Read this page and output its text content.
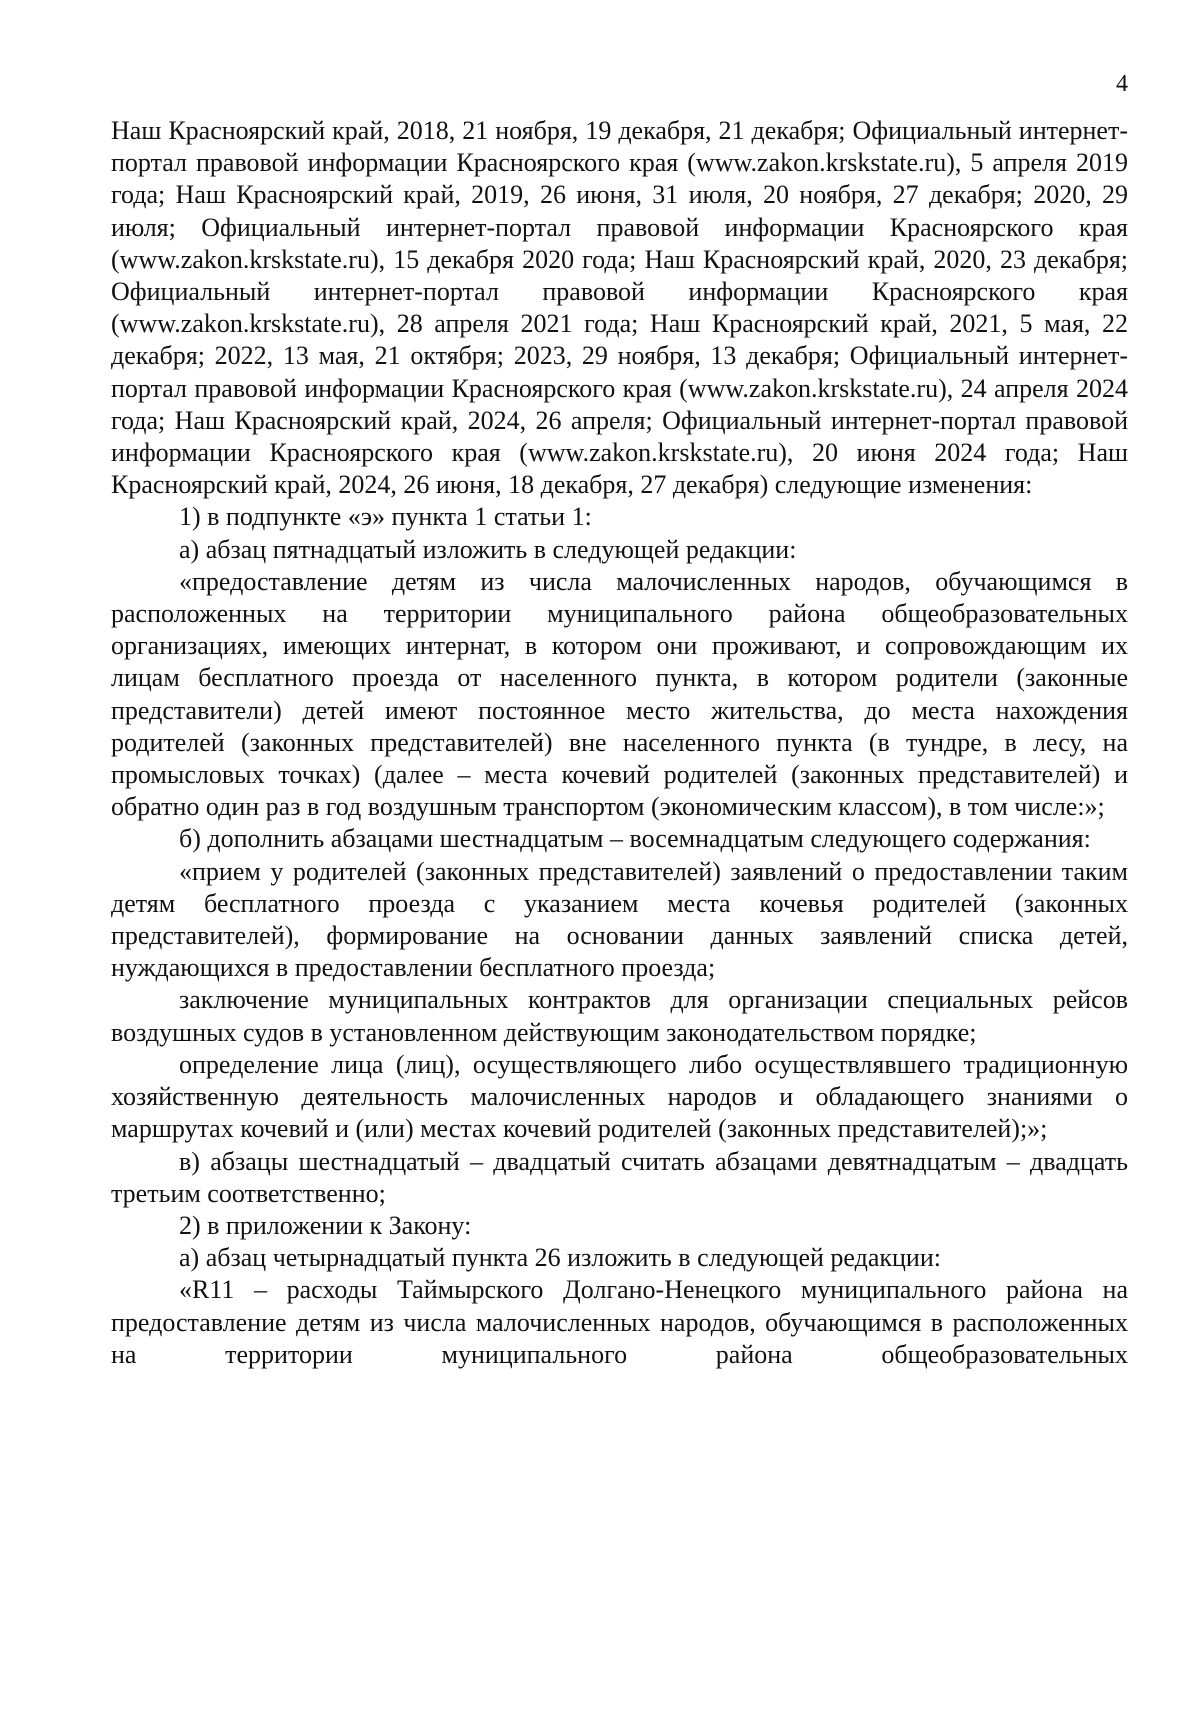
4

Наш Красноярский край, 2018, 21 ноября, 19 декабря, 21 декабря; Официальный интернет-портал правовой информации Красноярского края (www.zakon.krskstate.ru), 5 апреля 2019 года; Наш Красноярский край, 2019, 26 июня, 31 июля, 20 ноября, 27 декабря; 2020, 29 июля; Официальный интернет-портал правовой информации Красноярского края (www.zakon.krskstate.ru), 15 декабря 2020 года; Наш Красноярский край, 2020, 23 декабря; Официальный интернет-портал правовой информации Красноярского края (www.zakon.krskstate.ru), 28 апреля 2021 года; Наш Красноярский край, 2021, 5 мая, 22 декабря; 2022, 13 мая, 21 октября; 2023, 29 ноября, 13 декабря; Официальный интернет-портал правовой информации Красноярского края (www.zakon.krskstate.ru), 24 апреля 2024 года; Наш Красноярский край, 2024, 26 апреля; Официальный интернет-портал правовой информации Красноярского края (www.zakon.krskstate.ru), 20 июня 2024 года; Наш Красноярский край, 2024, 26 июня, 18 декабря, 27 декабря) следующие изменения:

1) в подпункте «э» пункта 1 статьи 1:

а) абзац пятнадцатый изложить в следующей редакции:

«предоставление детям из числа малочисленных народов, обучающимся в расположенных на территории муниципального района общеобразовательных организациях, имеющих интернат, в котором они проживают, и сопровождающим их лицам бесплатного проезда от населенного пункта, в котором родители (законные представители) детей имеют постоянное место жительства, до места нахождения родителей (законных представителей) вне населенного пункта (в тундре, в лесу, на промысловых точках) (далее – места кочевий родителей (законных представителей) и обратно один раз в год воздушным транспортом (экономическим классом), в том числе:»;

б) дополнить абзацами шестнадцатым – восемнадцатым следующего содержания:

«прием у родителей (законных представителей) заявлений о предоставлении таким детям бесплатного проезда с указанием места кочевья родителей (законных представителей), формирование на основании данных заявлений списка детей, нуждающихся в предоставлении бесплатного проезда;

заключение муниципальных контрактов для организации специальных рейсов воздушных судов в установленном действующим законодательством порядке;

определение лица (лиц), осуществляющего либо осуществлявшего традиционную хозяйственную деятельность малочисленных народов и обладающего знаниями о маршрутах кочевий и (или) местах кочевий родителей (законных представителей);»;

в) абзацы шестнадцатый – двадцатый считать абзацами девятнадцатым – двадцать третьим соответственно;

2) в приложении к Закону:

а) абзац четырнадцатый пункта 26 изложить в следующей редакции:

«R11 – расходы Таймырского Долгано-Ненецкого муниципального района на предоставление детям из числа малочисленных народов, обучающимся в расположенных на территории муниципального района общеобразовательных
